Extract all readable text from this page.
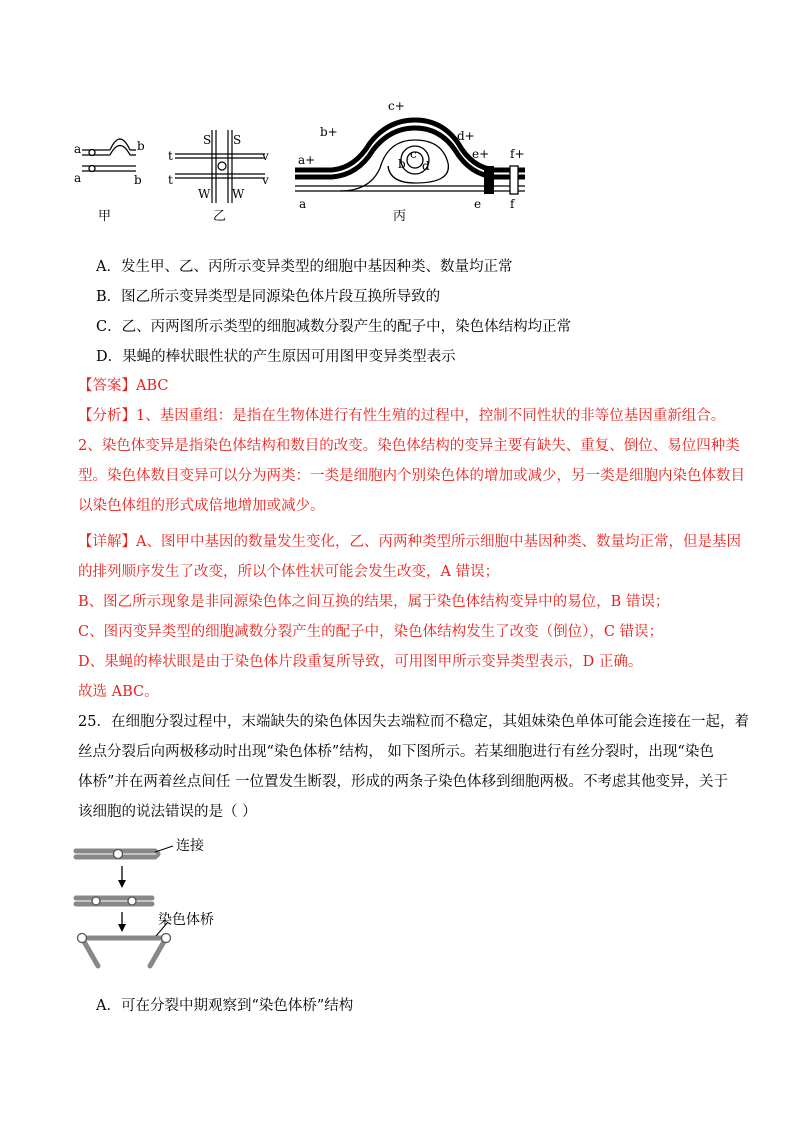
a
a
b
b
甲
S S
t
t
v
v
W W
乙
a+
b+
c+
d+
e+ f+
a
b
c
d
e f
丙
A．发生甲、乙、丙所示变异类型的细胞中基因种类、数量均正常
B．图乙所示变异类型是同源染色体片段互换所导致的
C．乙、丙两图所示类型的细胞减数分裂产生的配子中，染色体结构均正常
D．果蝇的棒状眼性状的产生原因可用图甲变异类型表示
【答案】ABC
【分析】1、基因重组：是指在生物体进行有性生殖的过程中，控制不同性状的非等位基因重新组合。
2、染色体变异是指染色体结构和数目的改变。染色体结构的变异主要有缺失、重复、倒位、易位四种类
型。染色体数目变异可以分为两类：一类是细胞内个别染色体的增加或减少，另一类是细胞内染色体数目
以染色体组的形式成倍地增加或减少。
【详解】A、图甲中基因的数量发生变化，乙、丙两种类型所示细胞中基因种类、数量均正常，但是基因
的排列顺序发生了改变，所以个体性状可能会发生改变，A 错误；
B、图乙所示现象是非同源染色体之间互换的结果，属于染色体结构变异中的易位，B 错误；
C、图丙变异类型的细胞减数分裂产生的配子中，染色体结构发生了改变（倒位），C 错误；
D、果蝇的棒状眼是由于染色体片段重复所导致，可用图甲所示变异类型表示，D 正确。
故选 ABC。
25．在细胞分裂过程中，末端缺失的染色体因失去端粒而不稳定，其姐妹染色单体可能会连接在一起，着
丝点分裂后向两极移动时出现“染色体桥”结构， 如下图所示。若某细胞进行有丝分裂时，出现“染色
体桥”并在两着丝点间任 一位置发生断裂，形成的两条子染色体移到细胞两极。不考虑其他变异，关于
该细胞的说法错误的是（ ）
连接
染色体桥
A．可在分裂中期观察到“染色体桥”结构
